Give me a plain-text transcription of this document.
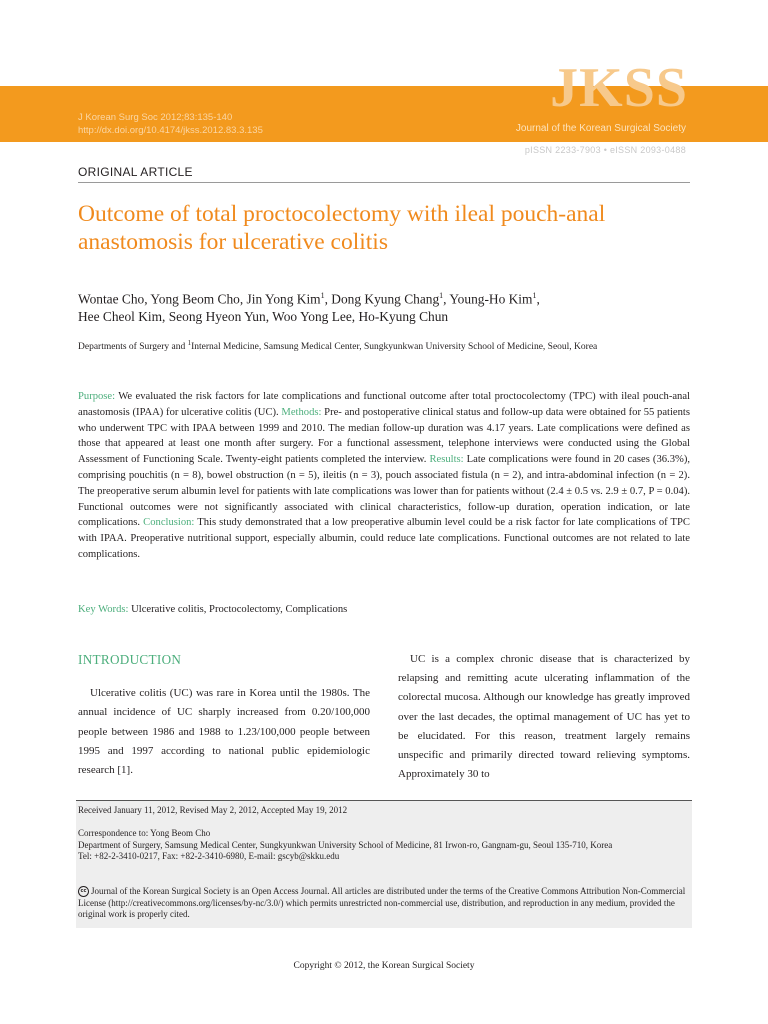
JKSS
J Korean Surg Soc 2012;83:135-140
http://dx.doi.org/10.4174/jkss.2012.83.3.135	Journal of the Korean Surgical Society
pISSN 2233-7903 • eISSN 2093-0488
ORIGINAL ARTICLE
Outcome of total proctocolectomy with ileal pouch-anal anastomosis for ulcerative colitis
Wontae Cho, Yong Beom Cho, Jin Yong Kim$^1$, Dong Kyung Chang$^1$, Young-Ho Kim$^1$,
Hee Cheol Kim, Seong Hyeon Yun, Woo Yong Lee, Ho-Kyung Chun
Departments of Surgery and $^1$Internal Medicine, Samsung Medical Center, Sungkyunkwan University School of Medicine, Seoul, Korea
Purpose: We evaluated the risk factors for late complications and functional outcome after total proctocolectomy (TPC) with ileal pouch-anal anastomosis (IPAA) for ulcerative colitis (UC). Methods: Pre- and postoperative clinical status and follow-up data were obtained for 55 patients who underwent TPC with IPAA between 1999 and 2010. The median follow-up duration was 4.17 years. Late complications were defined as those that appeared at least one month after surgery. For a functional assessment, telephone interviews were conducted using the Global Assessment of Functioning Scale. Twenty-eight patients completed the interview. Results: Late complications were found in 20 cases (36.3%), comprising pouchitis (n = 8), bowel obstruction (n = 5), ileitis (n = 3), pouch associated fistula (n = 2), and intra-abdominal infection (n = 2). The preoperative serum albumin level for patients with late complications was lower than for patients without (2.4 ± 0.5 vs. 2.9 ± 0.7, P = 0.04). Functional outcomes were not significantly associated with clinical characteristics, follow-up duration, operation indication, or late complications. Conclusion: This study demonstrated that a low preoperative albumin level could be a risk factor for late complications of TPC with IPAA. Preoperative nutritional support, especially albumin, could reduce late complications. Functional outcomes are not related to late complications.
Key Words: Ulcerative colitis, Proctocolectomy, Complications
INTRODUCTION

Ulcerative colitis (UC) was rare in Korea until the 1980s. The annual incidence of UC sharply increased from 0.20/100,000 people between 1986 and 1988 to 1.23/100,000 people between 1995 and 1997 according to national public epidemiologic research [1].

UC is a complex chronic disease that is characterized by relapsing and remitting acute ulcerating inflammation of the colorectal mucosa. Although our knowledge has greatly improved over the last decades, the optimal management of UC has yet to be elucidated. For this reason, treatment largely remains unspecific and primarily directed toward relieving symptoms. Approximately 30 to

Received January 11, 2012, Revised May 2, 2012, Accepted May 19, 2012
Correspondence to: Yong Beom Cho
Department of Surgery, Samsung Medical Center, Sungkyunkwan University School of Medicine, 81 Irwon-ro, Gangnam-gu, Seoul 135-710, Korea
Tel: +82-2-3410-0217, Fax: +82-2-3410-6980, E-mail: gscyb@skku.edu
cc Journal of the Korean Surgical Society is an Open Access Journal. All articles are distributed under the terms of the Creative Commons Attribution Non-Commercial License (http://creativecommons.org/licenses/by-nc/3.0/) which permits unrestricted non-commercial use, distribution, and reproduction in any medium, provided the original work is properly cited.
Copyright © 2012, the Korean Surgical Society
